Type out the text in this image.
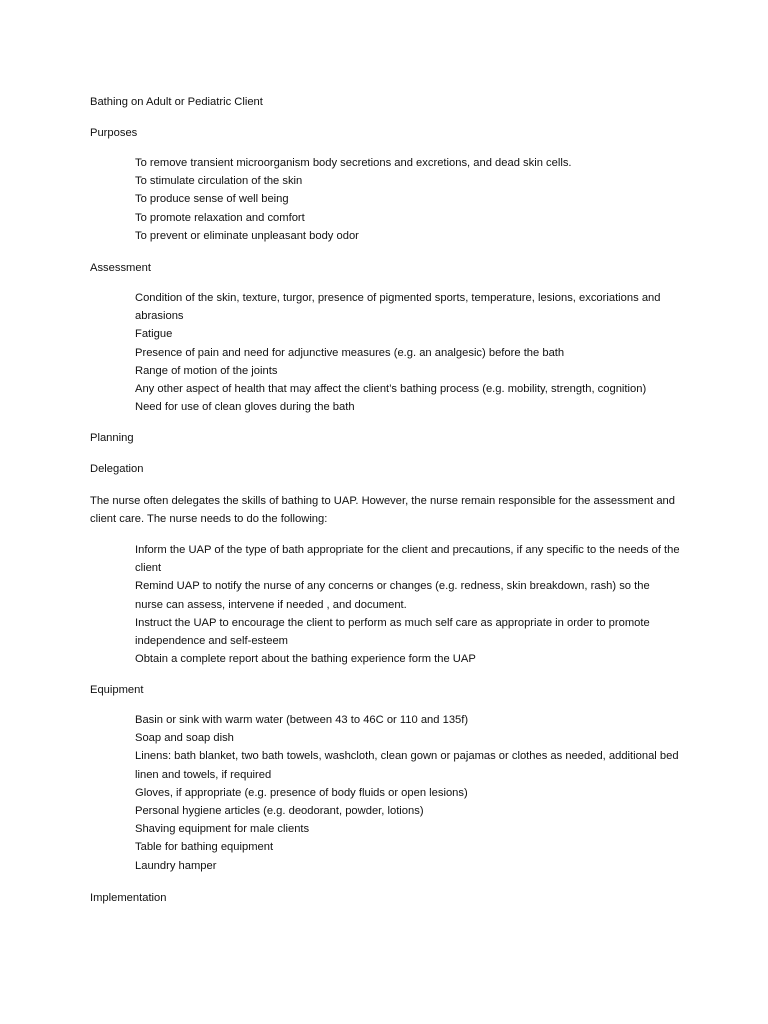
Bathing on Adult or Pediatric Client
Purposes
To remove transient microorganism body secretions and excretions, and dead skin cells.
To stimulate circulation of the skin
To produce sense of well being
To promote relaxation and comfort
To prevent or eliminate unpleasant body odor
Assessment
Condition of the skin, texture, turgor, presence of pigmented sports, temperature, lesions, excoriations and abrasions
Fatigue
Presence of pain and need for adjunctive measures (e.g. an analgesic) before the bath
Range of motion of the joints
Any other aspect of health that may affect the client’s bathing process (e.g. mobility, strength, cognition)
Need for use of clean gloves during the bath
Planning
Delegation

The nurse often delegates the skills of bathing to UAP. However, the nurse remain responsible for the assessment and client care. The nurse needs to do the following:

Inform the UAP of the type of bath appropriate for the client and precautions, if any specific to the needs of the client
Remind UAP to notify the nurse of any concerns or changes (e.g. redness, skin breakdown, rash) so the nurse can assess, intervene if needed , and document.
Instruct the UAP to encourage the client to perform as much self care as appropriate in order to promote independence and self-esteem
Obtain a complete report about the bathing experience form the UAP
Equipment
Basin or sink with warm water (between 43 to 46C or 110 and 135f)
Soap and soap dish
Linens: bath blanket, two bath towels, washcloth, clean gown or pajamas or clothes as needed, additional bed linen and towels, if required
Gloves, if appropriate (e.g. presence of body fluids or open lesions)
Personal hygiene articles (e.g. deodorant, powder, lotions)
Shaving equipment for male clients
Table for bathing equipment
Laundry hamper
Implementation
